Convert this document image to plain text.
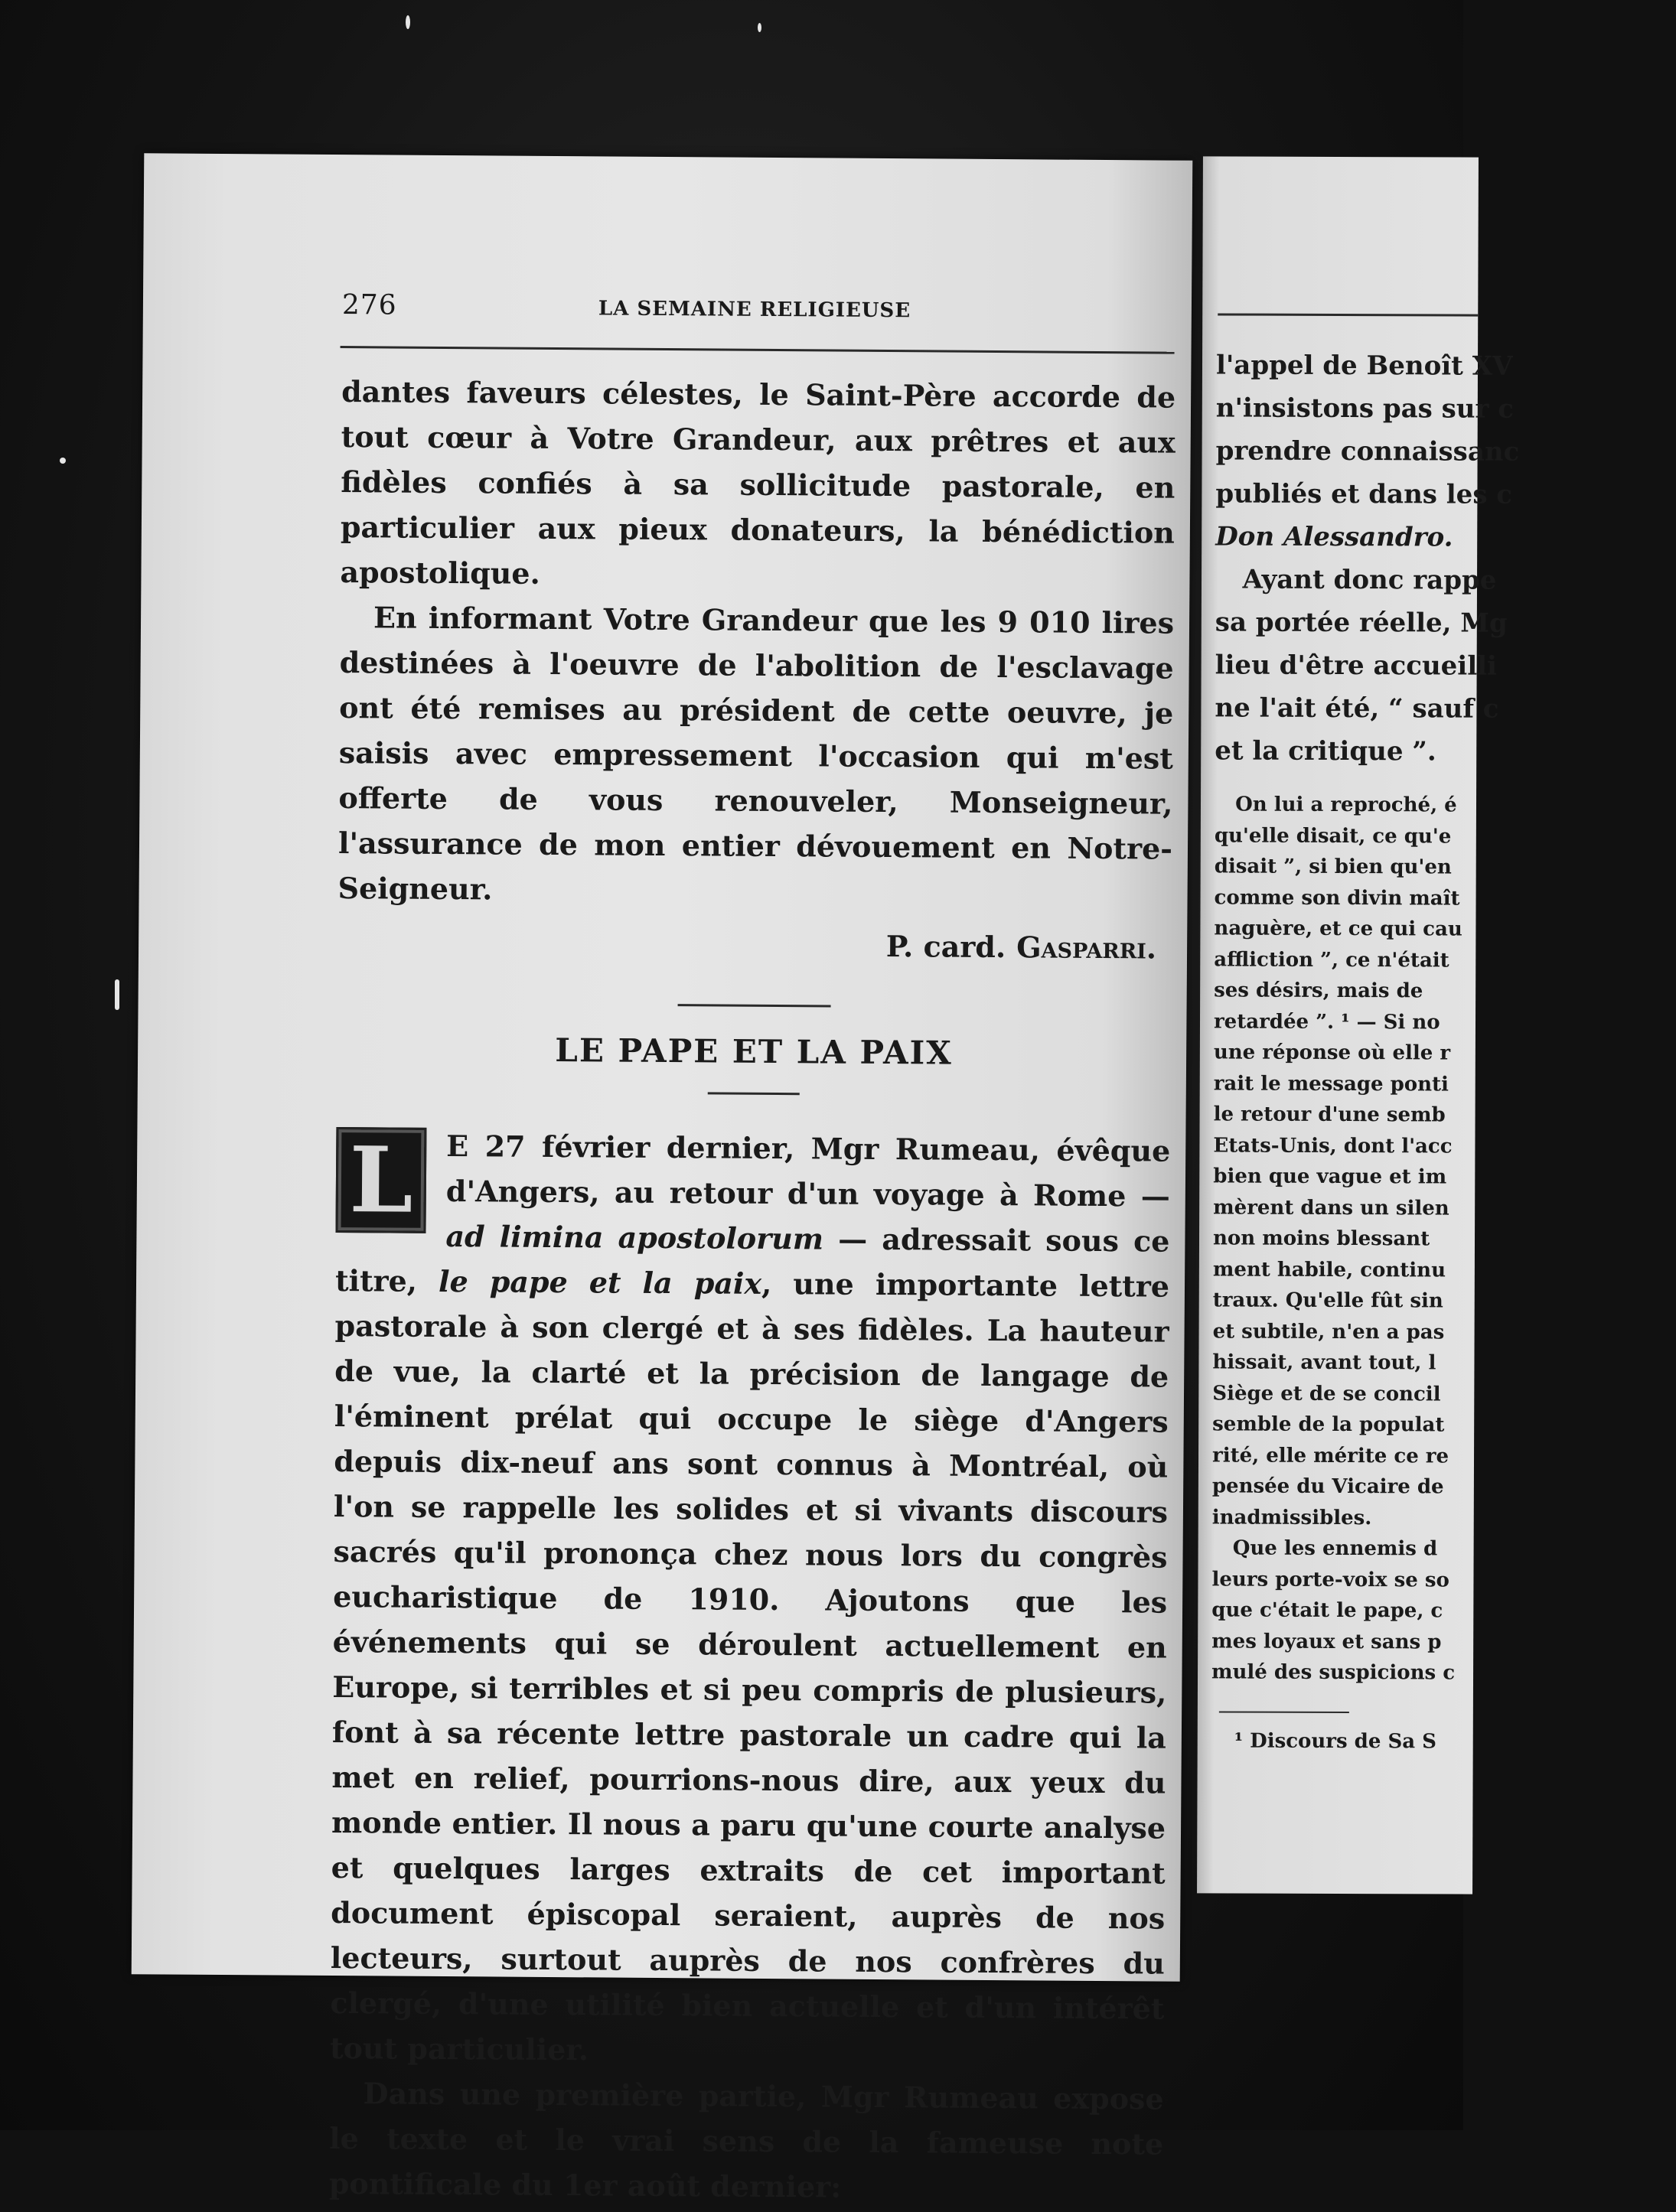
276	LA SEMAINE RELIGIEUSE

dantes faveurs célestes, le Saint-Père accorde de tout cœur à Votre Grandeur, aux prêtres et aux fidèles confiés à sa sollicitude pastorale, en particulier aux pieux donateurs, la bénédiction apostolique.

En informant Votre Grandeur que les 9 010 lires destinées à l'oeuvre de l'abolition de l'esclavage ont été remises au président de cette oeuvre, je saisis avec empressement l'occasion qui m'est offerte de vous renouveler, Monseigneur, l'assurance de mon entier dévouement en Notre-Seigneur.

P. card. Gasparri.

LE PAPE ET LA PAIX
L	E 27 février dernier, Mgr Rumeau, évêque d'Angers, au retour d'un voyage à Rome — ad limina apostolorum — adressait sous ce titre, le pape et la paix, une importante lettre pastorale à son clergé et à ses fidèles. La hauteur de vue, la clarté et la précision de langage de l'éminent prélat qui occupe le siège d'Angers depuis dix-neuf ans sont connus à Montréal, où l'on se rappelle les solides et si vivants discours sacrés qu'il prononça chez nous lors du congrès eucharistique de 1910. Ajoutons que les événements qui se déroulent actuellement en Europe, si terribles et si peu compris de plusieurs, font à sa récente lettre pastorale un cadre qui la met en relief, pourrions-nous dire, aux yeux du monde entier. Il nous a paru qu'une courte analyse et quelques larges extraits de cet important document épiscopal seraient, auprès de nos lecteurs, surtout auprès de nos confrères du clergé, d'une utilité bien actuelle et d'un intérêt tout particulier.

Dans une première partie, Mgr Rumeau expose le texte et le vrai sens de la fameuse note pontificale du 1er août dernier:

l'appel de Benoît XV
n'insistons pas sur c
prendre connaissanc
publiés et dans les c
Don Alessandro.
Ayant donc rappe
sa portée réelle, Mg
lieu d'être accueilli
ne l'ait été, “ sauf c
et la critique ”.
On lui a reproché, é
qu'elle disait, ce qu'e
disait ”, si bien qu'en
comme son divin maît
naguère, et ce qui cau
affliction ”, ce n'était
ses désirs, mais de
retardée ”. ¹ — Si no
une réponse où elle r
rait le message ponti
le retour d'une semb
Etats-Unis, dont l'acc
bien que vague et im
mèrent dans un silen
non moins blessant
ment habile, continu
traux. Qu'elle fût sin
et subtile, n'en a pas
hissait, avant tout, l
Siège et de se concil
semble de la populat
rité, elle mérite ce re
pensée du Vicaire de
inadmissibles.
Que les ennemis d
leurs porte-voix se so
que c'était le pape, c
mes loyaux et sans p
mulé des suspicions c
¹ Discours de Sa S
